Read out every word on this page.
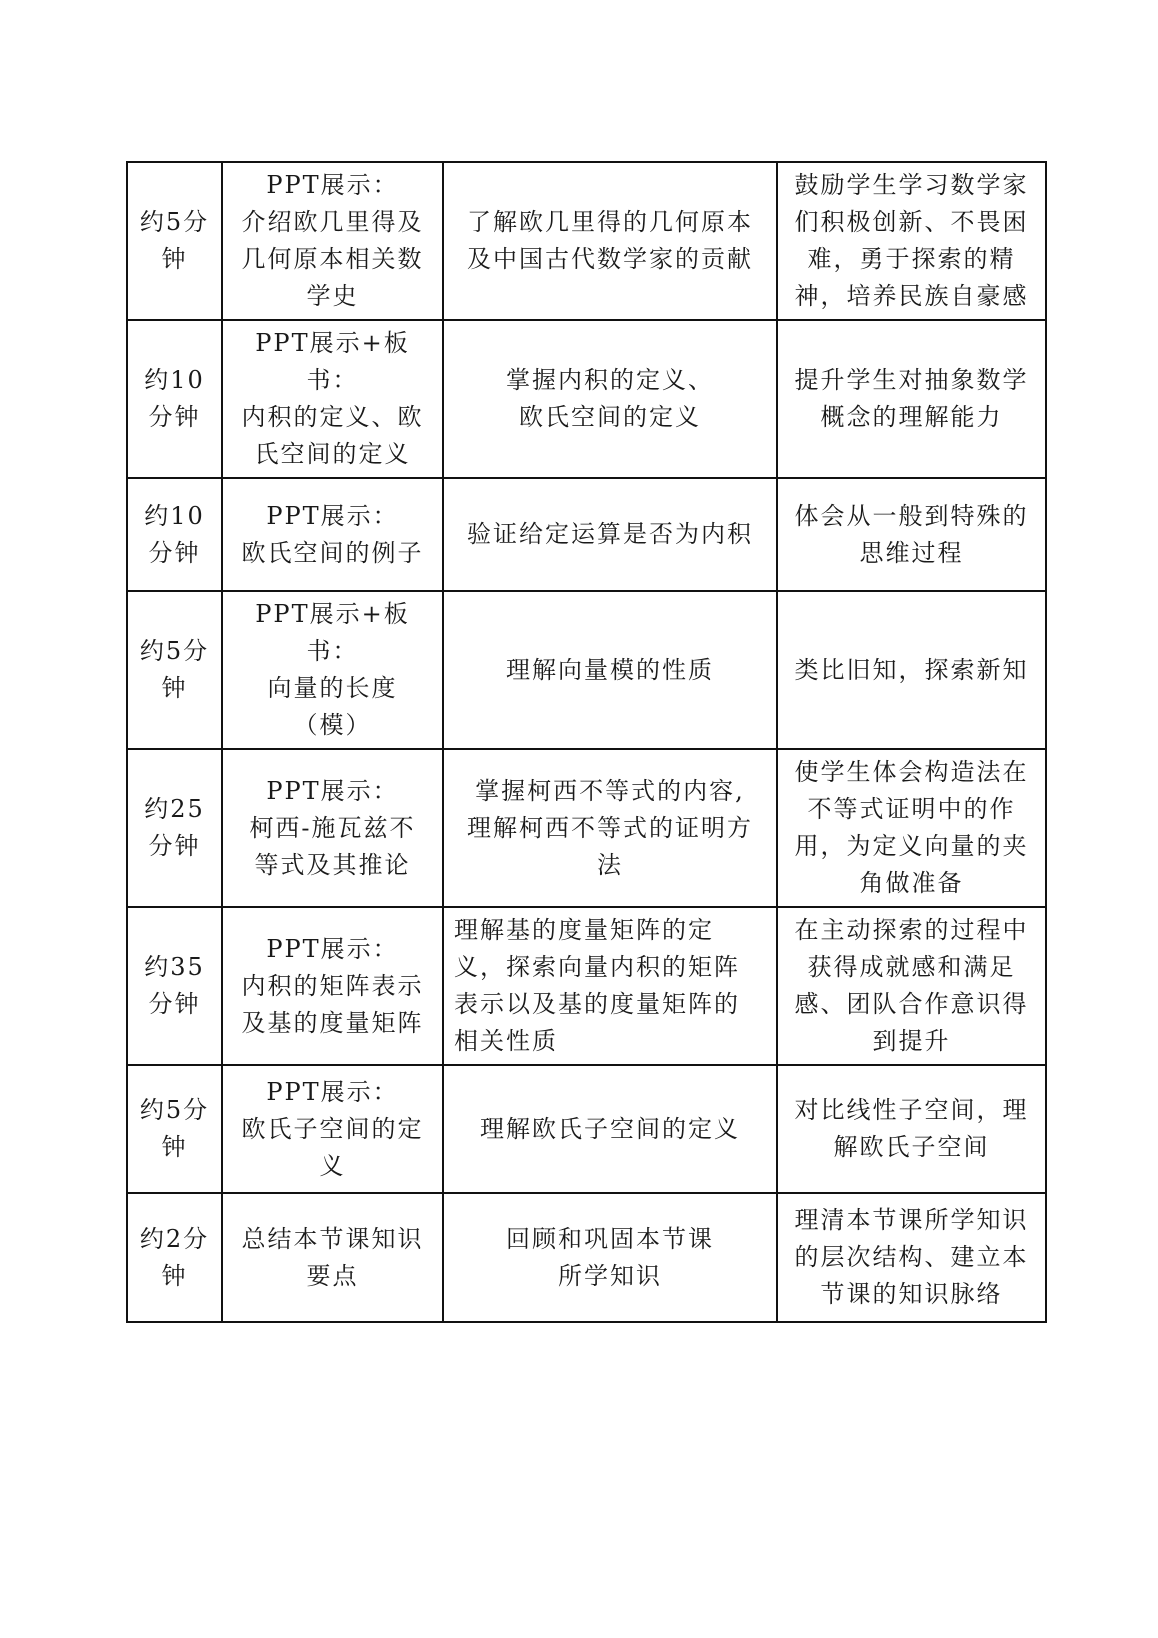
约5分
钟	PPT展示：
介绍欧几里得及
几何原本相关数
学史	了解欧几里得的几何原本
及中国古代数学家的贡献	鼓励学生学习数学家
们积极创新、不畏困
难，勇于探索的精
神，培养民族自豪感

约10
分钟	PPT展示+板书：
内积的定义、欧
氏空间的定义	掌握内积的定义、
欧氏空间的定义	提升学生对抽象数学
概念的理解能力

约10
分钟	PPT展示：
欧氏空间的例子	验证给定运算是否为内积	体会从一般到特殊的
思维过程

约5分
钟	PPT展示+板书：
向量的长度
（模）	理解向量模的性质	类比旧知，探索新知

约25
分钟	PPT展示：
柯西-施瓦兹不
等式及其推论	掌握柯西不等式的内容,
理解柯西不等式的证明方
法	使学生体会构造法在
不等式证明中的作
用，为定义向量的夹
角做准备

约35
分钟	PPT展示：
内积的矩阵表示
及基的度量矩阵	理解基的度量矩阵的定
义，探索向量内积的矩阵
表示以及基的度量矩阵的
相关性质	在主动探索的过程中
获得成就感和满足
感、团队合作意识得
到提升

约5分
钟	PPT展示：
欧氏子空间的定
义	理解欧氏子空间的定义	对比线性子空间，理
解欧氏子空间

约2分
钟	总结本节课知识
要点	回顾和巩固本节课
所学知识	理清本节课所学知识
的层次结构、建立本
节课的知识脉络
